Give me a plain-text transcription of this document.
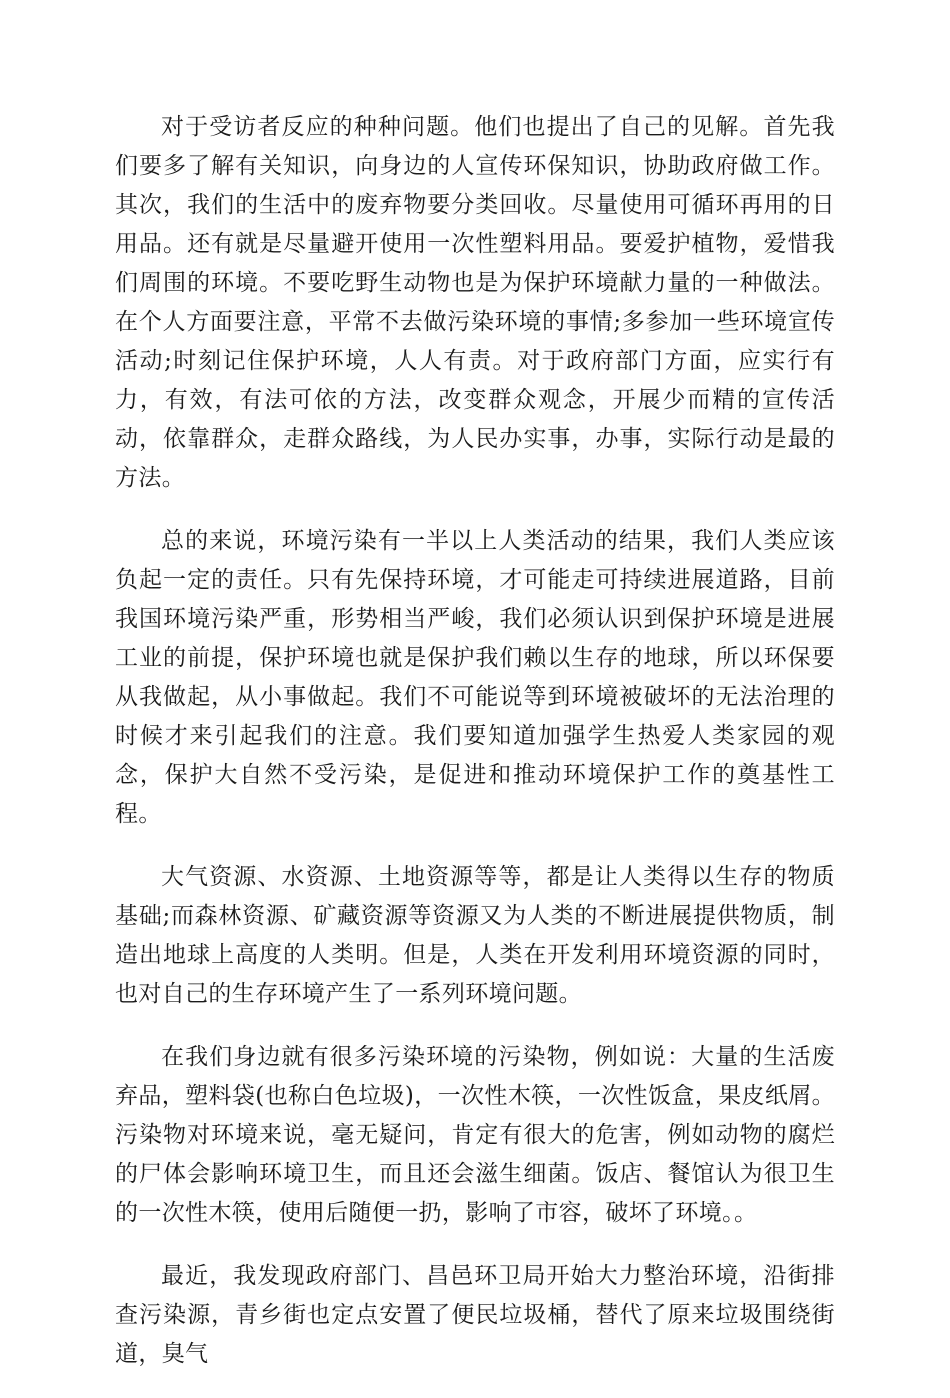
对于受访者反应的种种问题。他们也提出了自己的见解。首先我们要多了解有关知识，向身边的人宣传环保知识，协助政府做工作。其次，我们的生活中的废弃物要分类回收。尽量使用可循环再用的日用品。还有就是尽量避开使用一次性塑料用品。要爱护植物，爱惜我们周围的环境。不要吃野生动物也是为保护环境献力量的一种做法。在个人方面要注意，平常不去做污染环境的事情;多参加一些环境宣传活动;时刻记住保护环境，人人有责。对于政府部门方面，应实行有力，有效，有法可依的方法，改变群众观念，开展少而精的宣传活动，依靠群众，走群众路线，为人民办实事，办事，实际行动是最的方法。

总的来说，环境污染有一半以上人类活动的结果，我们人类应该负起一定的责任。只有先保持环境，才可能走可持续进展道路，目前我国环境污染严重，形势相当严峻，我们必须认识到保护环境是进展工业的前提，保护环境也就是保护我们赖以生存的地球，所以环保要从我做起，从小事做起。我们不可能说等到环境被破坏的无法治理的时候才来引起我们的注意。我们要知道加强学生热爱人类家园的观念，保护大自然不受污染，是促进和推动环境保护工作的奠基性工程。

大气资源、水资源、土地资源等等，都是让人类得以生存的物质基础;而森林资源、矿藏资源等资源又为人类的不断进展提供物质，制造出地球上高度的人类明。但是，人类在开发利用环境资源的同时，也对自己的生存环境产生了一系列环境问题。

在我们身边就有很多污染环境的污染物，例如说：大量的生活废弃品，塑料袋(也称白色垃圾)，一次性木筷，一次性饭盒，果皮纸屑。污染物对环境来说，毫无疑问，肯定有很大的危害，例如动物的腐烂的尸体会影响环境卫生，而且还会滋生细菌。饭店、餐馆认为很卫生的一次性木筷，使用后随便一扔，影响了市容，破坏了环境。。

最近，我发现政府部门、昌邑环卫局开始大力整治环境，沿街排查污染源，青乡街也定点安置了便民垃圾桶，替代了原来垃圾围绕街道，臭气
